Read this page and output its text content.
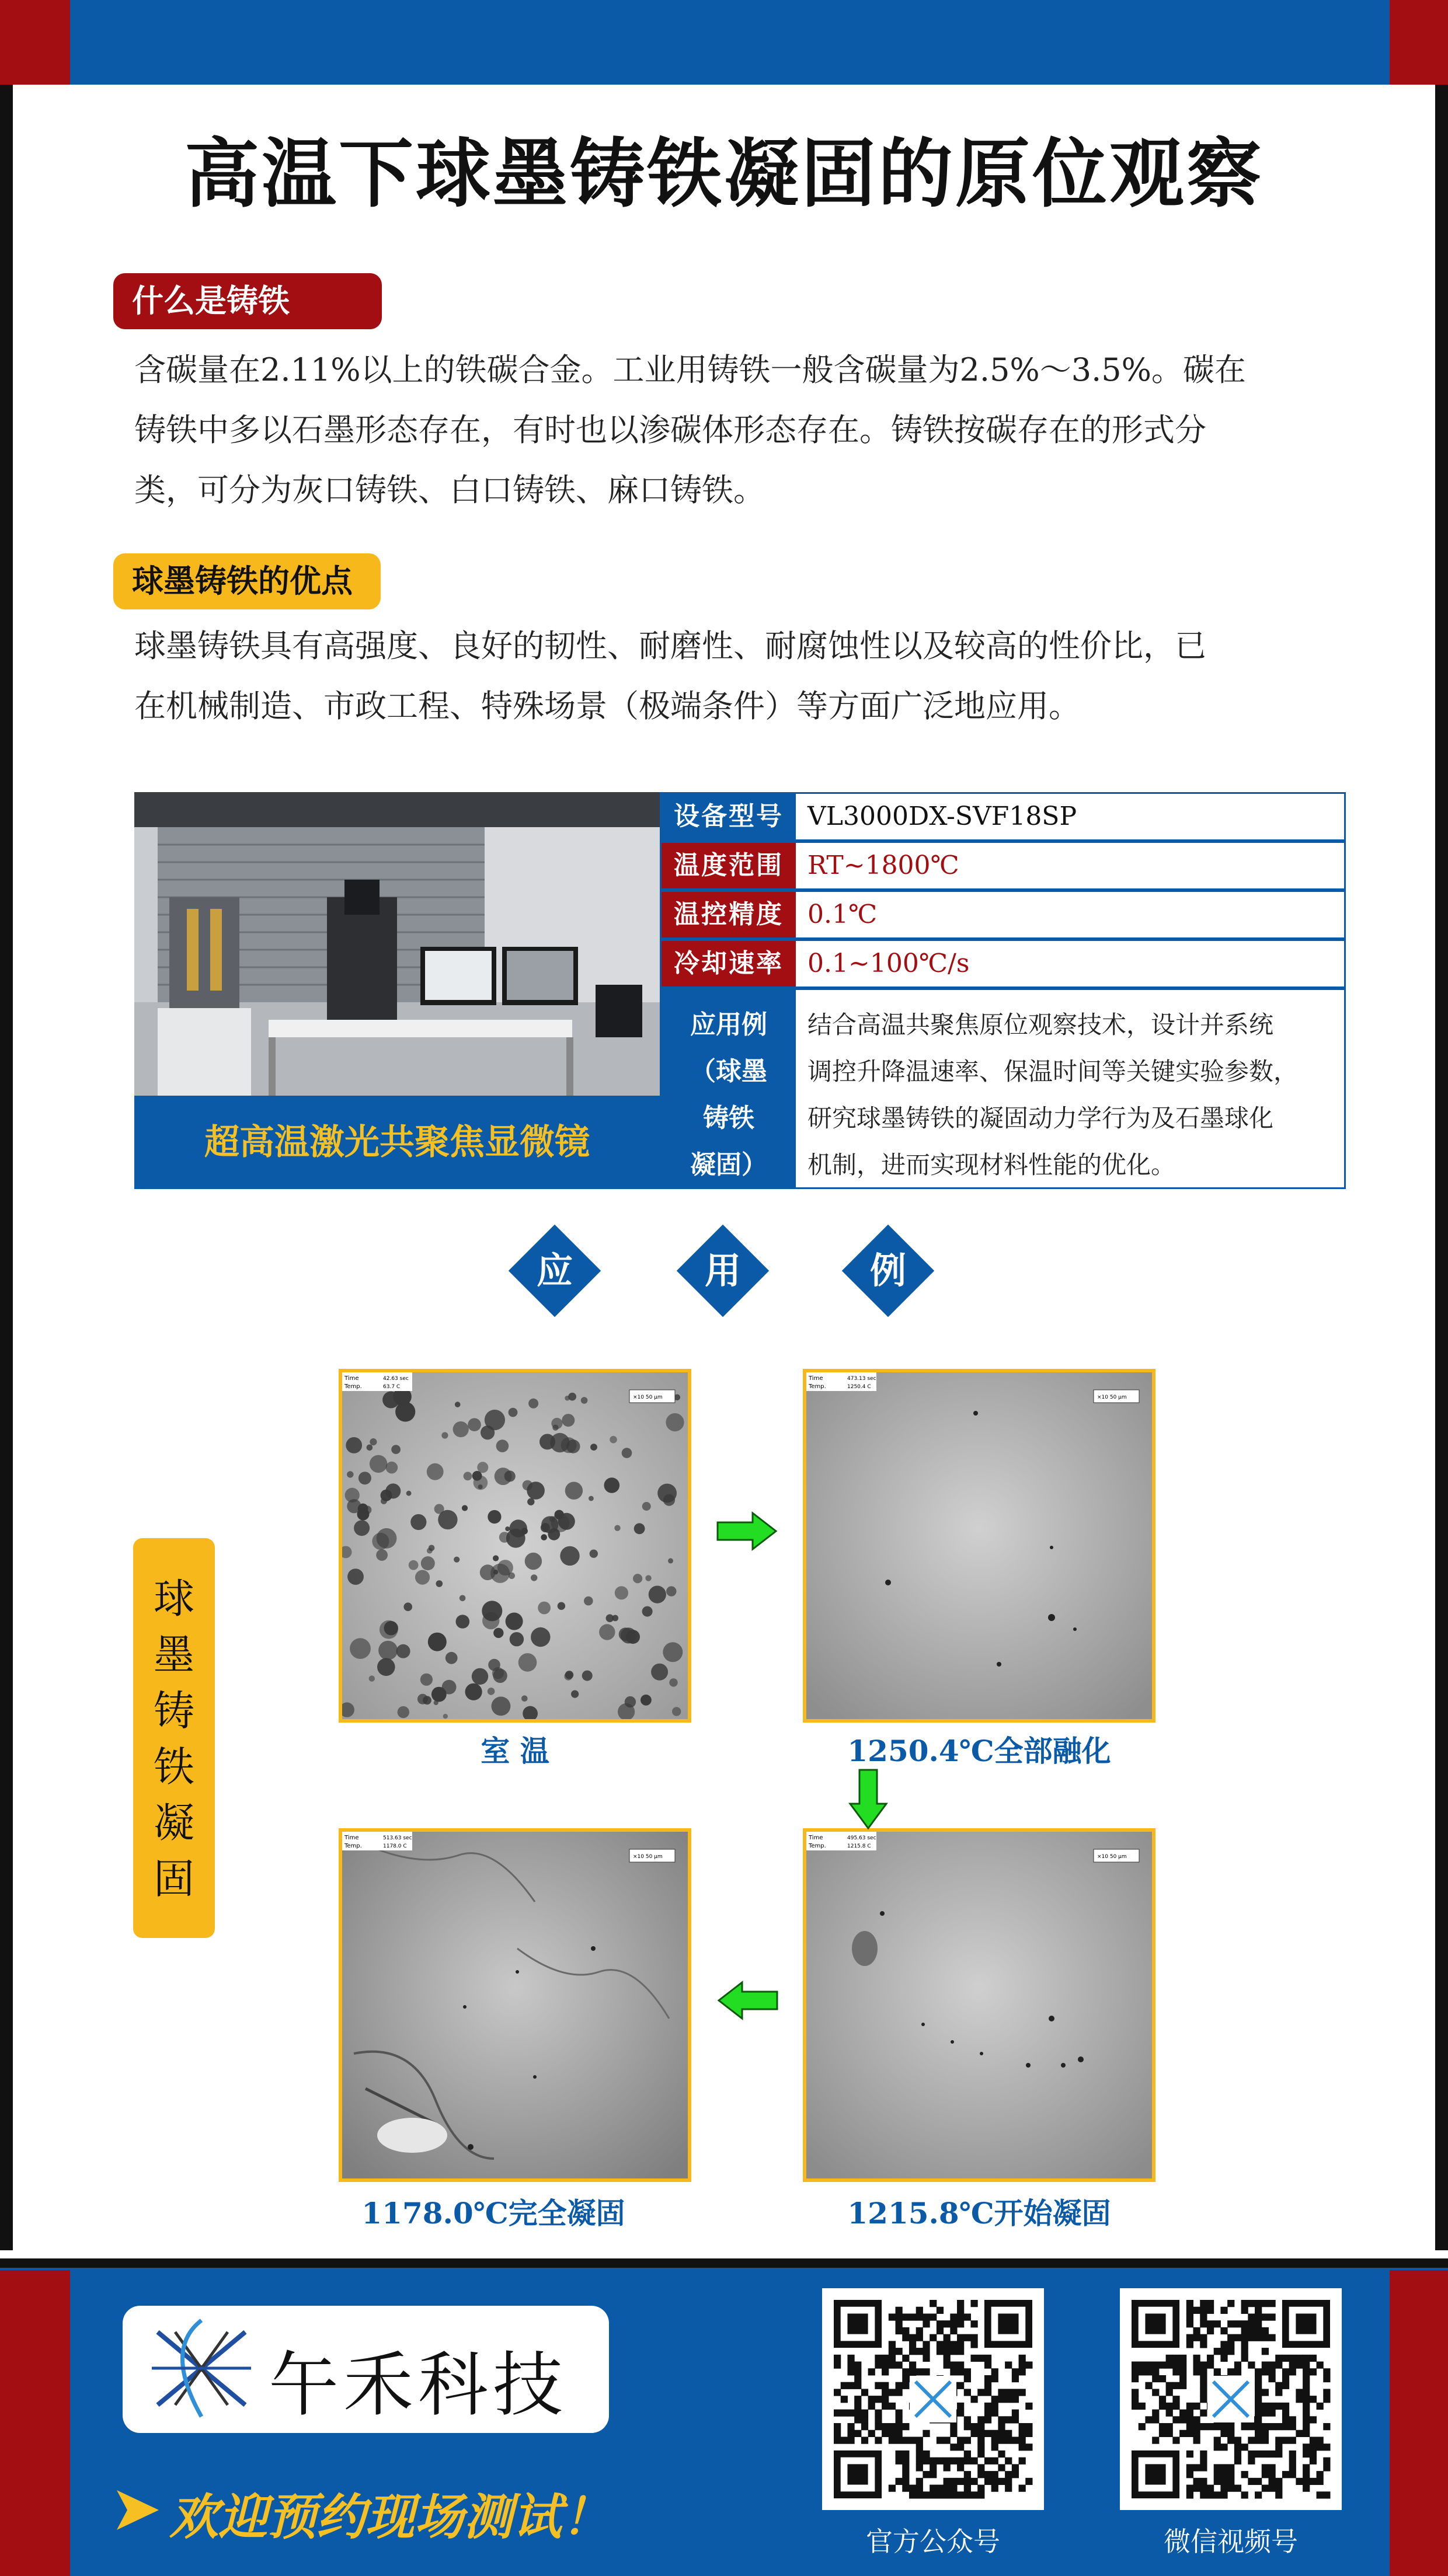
高温下球墨铸铁凝固的原位观察
什么是铸铁
含碳量在2.11%以上的铁碳合金。工业用铸铁一般含碳量为2.5%～3.5%。碳在
铸铁中多以石墨形态存在，有时也以渗碳体形态存在。铸铁按碳存在的形式分
类，可分为灰口铸铁、白口铸铁、麻口铸铁。
球墨铸铁的优点
球墨铸铁具有高强度、良好的韧性、耐磨性、耐腐蚀性以及较高的性价比，已
在机械制造、市政工程、特殊场景（极端条件）等方面广泛地应用。
超高温激光共聚焦显微镜
设备型号 VL3000DX-SVF18SP
温度范围 RT~1800℃
温控精度 0.1℃
冷却速率 0.1~100℃/s
应用例
（球墨
铸铁
凝固）
结合高温共聚焦原位观察技术，设计并系统
调控升降温速率、保温时间等关键实验参数，
研究球墨铸铁的凝固动力学行为及石墨球化
机制，进而实现材料性能的优化。
应	用	例
球
墨
铸
铁
凝
固
Time
Temp.
42.63 sec
63.7 C
×10 50 μm
室 温
Time
Temp.
473.13 sec
1250.4 C
×10 50 μm
1250.4℃全部融化
Time
Temp.
495.63 sec
1215.8 C
×10 50 μm
1215.8℃开始凝固
Time
Temp.
513.63 sec
1178.0 C
×10 50 μm
1178.0℃完全凝固
午禾科技
欢迎预约现场测试！	官方公众号	微信视频号
